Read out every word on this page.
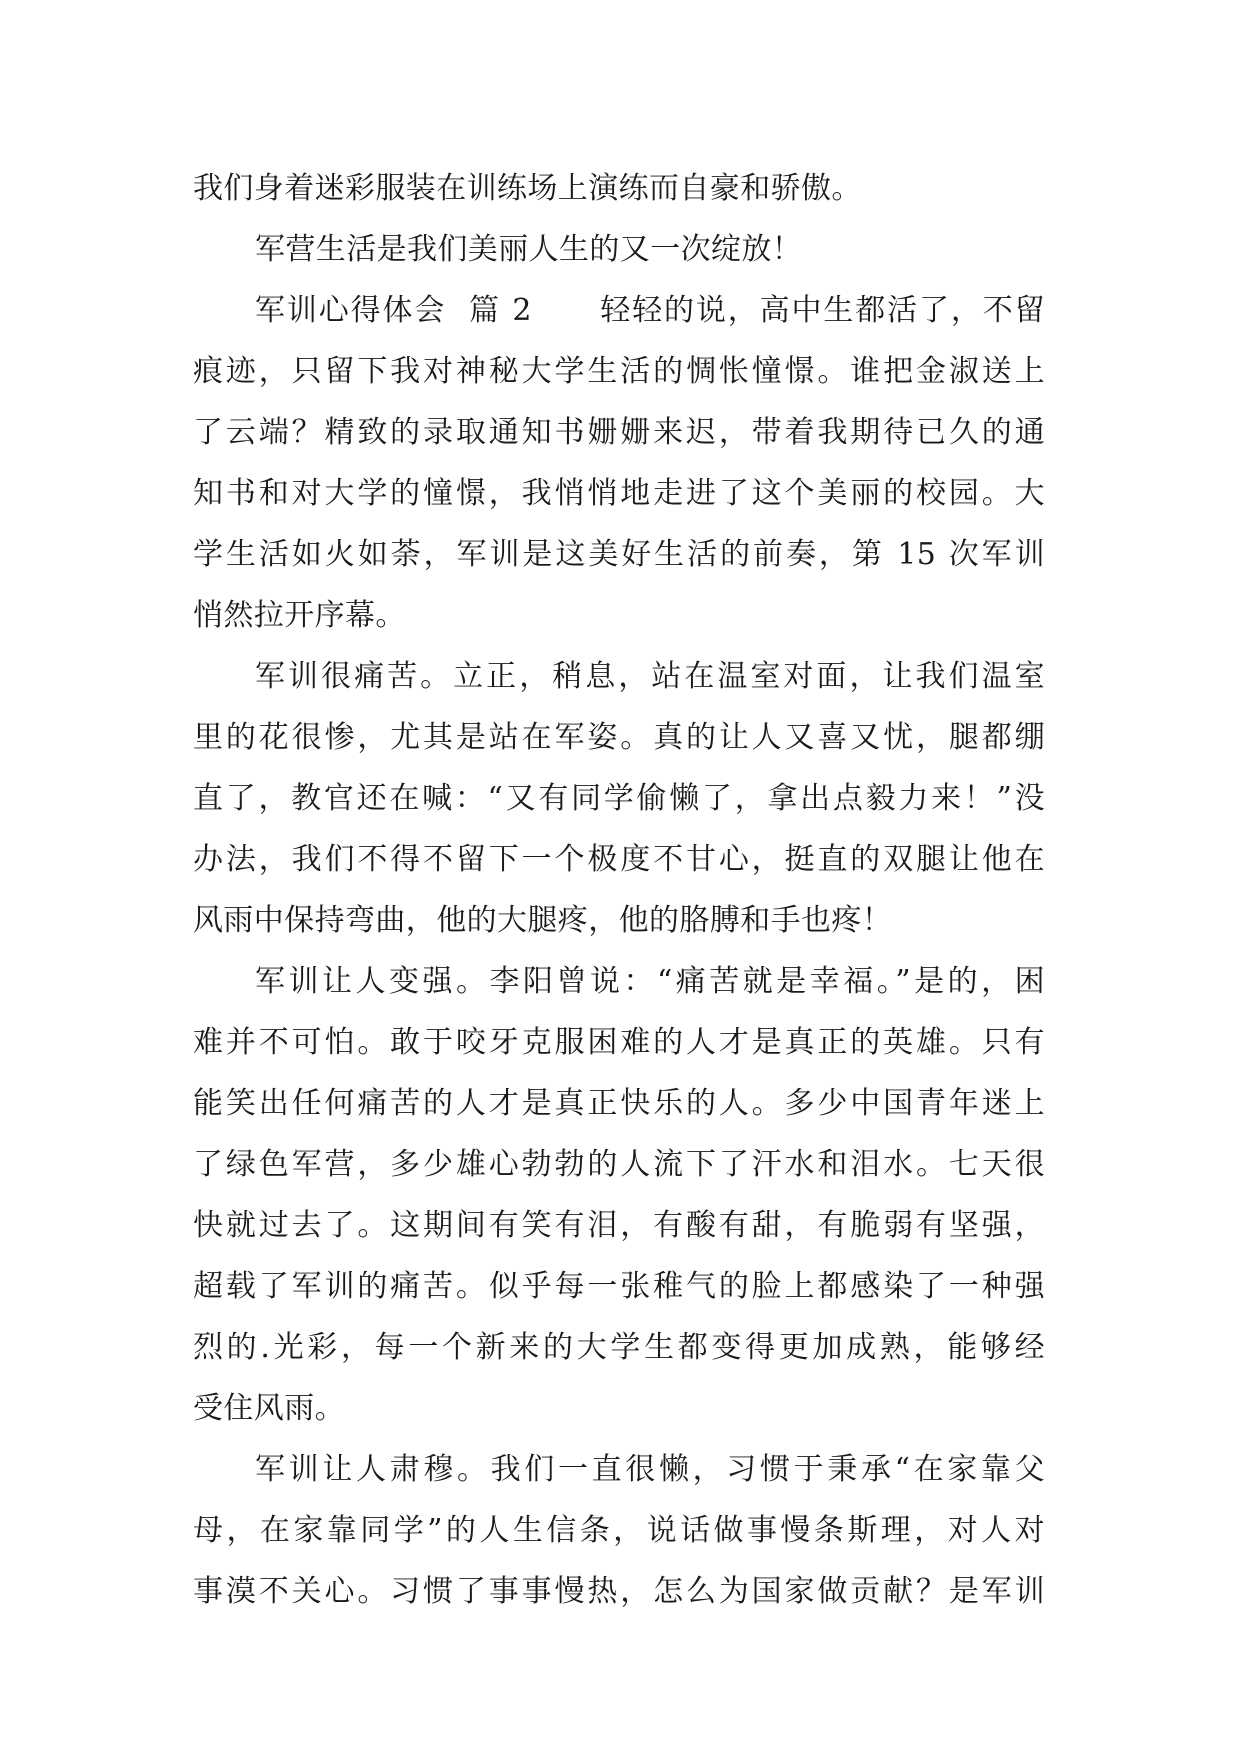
我们身着迷彩服装在训练场上演练而自豪和骄傲。
军营生活是我们美丽人生的又一次绽放！
军训心得体会  篇 2      轻轻的说，高中生都活了，不留
痕迹，只留下我对神秘大学生活的惆怅憧憬。谁把金淑送上
了云端？精致的录取通知书姗姗来迟，带着我期待已久的通
知书和对大学的憧憬，我悄悄地走进了这个美丽的校园。大
学生活如火如荼，军训是这美好生活的前奏，第 15 次军训
悄然拉开序幕。
军训很痛苦。立正，稍息，站在温室对面，让我们温室
里的花很惨，尤其是站在军姿。真的让人又喜又忧，腿都绷
直了，教官还在喊：“又有同学偷懒了，拿出点毅力来！”没
办法，我们不得不留下一个极度不甘心，挺直的双腿让他在
风雨中保持弯曲，他的大腿疼，他的胳膊和手也疼！
军训让人变强。李阳曾说：“痛苦就是幸福。”是的，困
难并不可怕。敢于咬牙克服困难的人才是真正的英雄。只有
能笑出任何痛苦的人才是真正快乐的人。多少中国青年迷上
了绿色军营，多少雄心勃勃的人流下了汗水和泪水。七天很
快就过去了。这期间有笑有泪，有酸有甜，有脆弱有坚强，
超载了军训的痛苦。似乎每一张稚气的脸上都感染了一种强
烈的.光彩，每一个新来的大学生都变得更加成熟，能够经
受住风雨。
军训让人肃穆。我们一直很懒，习惯于秉承“在家靠父
母，在家靠同学”的人生信条，说话做事慢条斯理，对人对
事漠不关心。习惯了事事慢热，怎么为国家做贡献？是军训
